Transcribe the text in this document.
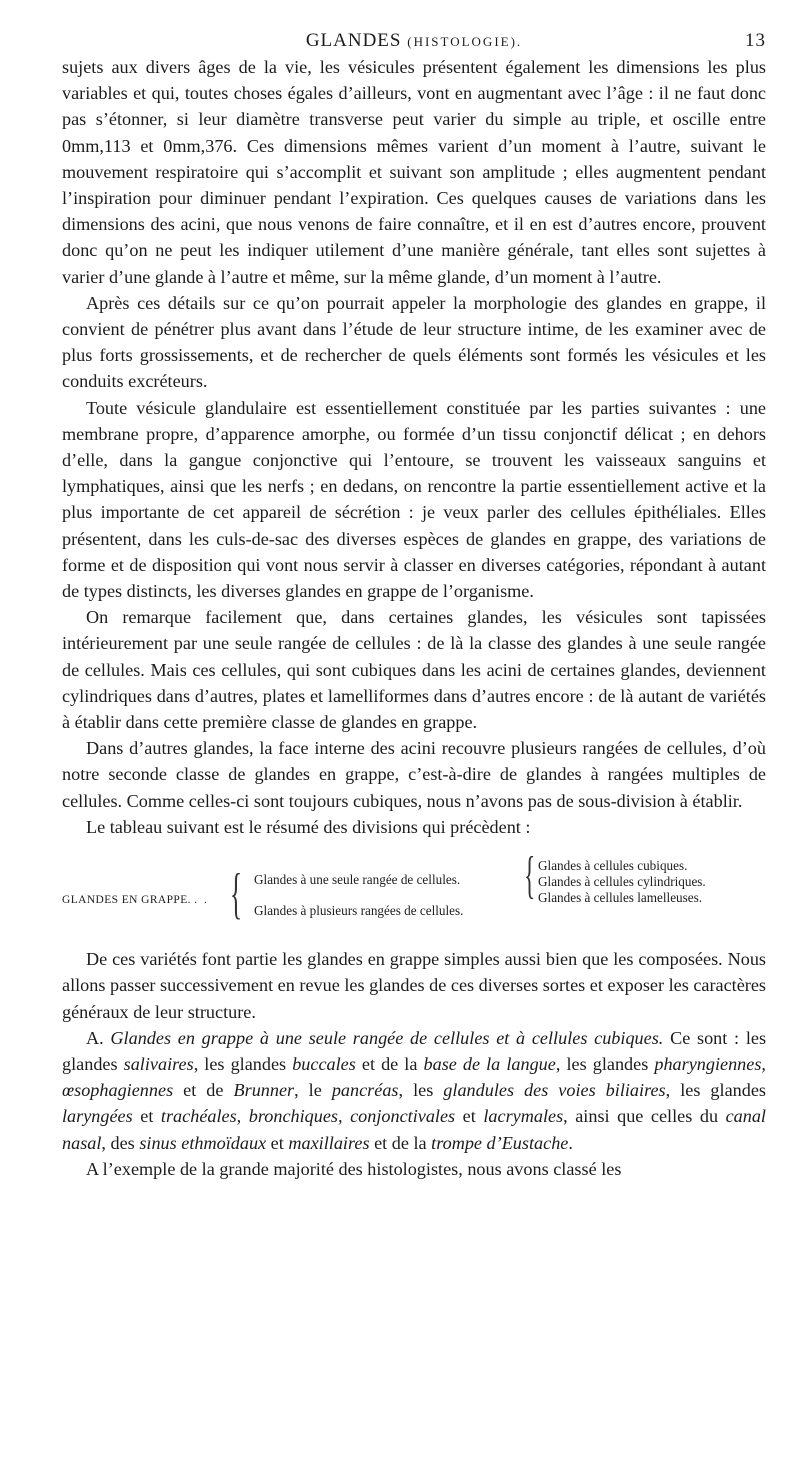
GLANDES (HISTOLOGIE).	13

sujets aux divers âges de la vie, les vésicules présentent également les dimensions les plus variables et qui, toutes choses égales d’ailleurs, vont en augmentant avec l’âge : il ne faut donc pas s’étonner, si leur diamètre transverse peut varier du simple au triple, et oscille entre 0mm,113 et 0mm,376. Ces dimensions mêmes varient d’un moment à l’autre, suivant le mouvement respiratoire qui s’accomplit et suivant son amplitude ; elles augmentent pendant l’inspiration pour diminuer pendant l’expiration. Ces quelques causes de variations dans les dimensions des acini, que nous venons de faire connaître, et il en est d’autres encore, prouvent donc qu’on ne peut les indiquer utilement d’une manière générale, tant elles sont sujettes à varier d’une glande à l’autre et même, sur la même glande, d’un moment à l’autre.

Après ces détails sur ce qu’on pourrait appeler la morphologie des glandes en grappe, il convient de pénétrer plus avant dans l’étude de leur structure intime, de les examiner avec de plus forts grossissements, et de rechercher de quels éléments sont formés les vésicules et les conduits excréteurs.

Toute vésicule glandulaire est essentiellement constituée par les parties suivantes : une membrane propre, d’apparence amorphe, ou formée d’un tissu conjonctif délicat ; en dehors d’elle, dans la gangue conjonctive qui l’entoure, se trouvent les vaisseaux sanguins et lymphatiques, ainsi que les nerfs ; en dedans, on rencontre la partie essentiellement active et la plus importante de cet appareil de sécrétion : je veux parler des cellules épithéliales. Elles présentent, dans les culs-de-sac des diverses espèces de glandes en grappe, des variations de forme et de disposition qui vont nous servir à classer en diverses catégories, répondant à autant de types distincts, les diverses glandes en grappe de l’organisme.

On remarque facilement que, dans certaines glandes, les vésicules sont tapissées intérieurement par une seule rangée de cellules : de là la classe des glandes à une seule rangée de cellules. Mais ces cellules, qui sont cubiques dans les acini de certaines glandes, deviennent cylindriques dans d’autres, plates et lamelliformes dans d’autres encore : de là autant de variétés à établir dans cette première classe de glandes en grappe.

Dans d’autres glandes, la face interne des acini recouvre plusieurs rangées de cellules, d’où notre seconde classe de glandes en grappe, c’est-à-dire de glandes à rangées multiples de cellules. Comme celles-ci sont toujours cubiques, nous n’avons pas de sous-division à établir.

Le tableau suivant est le résumé des divisions qui précèdent :

GLANDES EN GRAPPE. . . { Glandes à une seule rangée de cellules.
Glandes à plusieurs rangées de cellules.
{ Glandes à cellules cubiques.
Glandes à cellules cylindriques.
Glandes à cellules lamelleuses.

De ces variétés font partie les glandes en grappe simples aussi bien que les composées. Nous allons passer successivement en revue les glandes de ces diverses sortes et exposer les caractères généraux de leur structure.

A. Glandes en grappe à une seule rangée de cellules et à cellules cubiques. Ce sont : les glandes salivaires, les glandes buccales et de la base de la langue, les glandes pharyngiennes, œsophagiennes et de Brunner, le pancréas, les glandules des voies biliaires, les glandes laryngées et trachéales, bronchiques, conjonctivales et lacrymales, ainsi que celles du canal nasal, des sinus ethmoïdaux et maxillaires et de la trompe d’Eustache.

A l’exemple de la grande majorité des histologistes, nous avons classé les
